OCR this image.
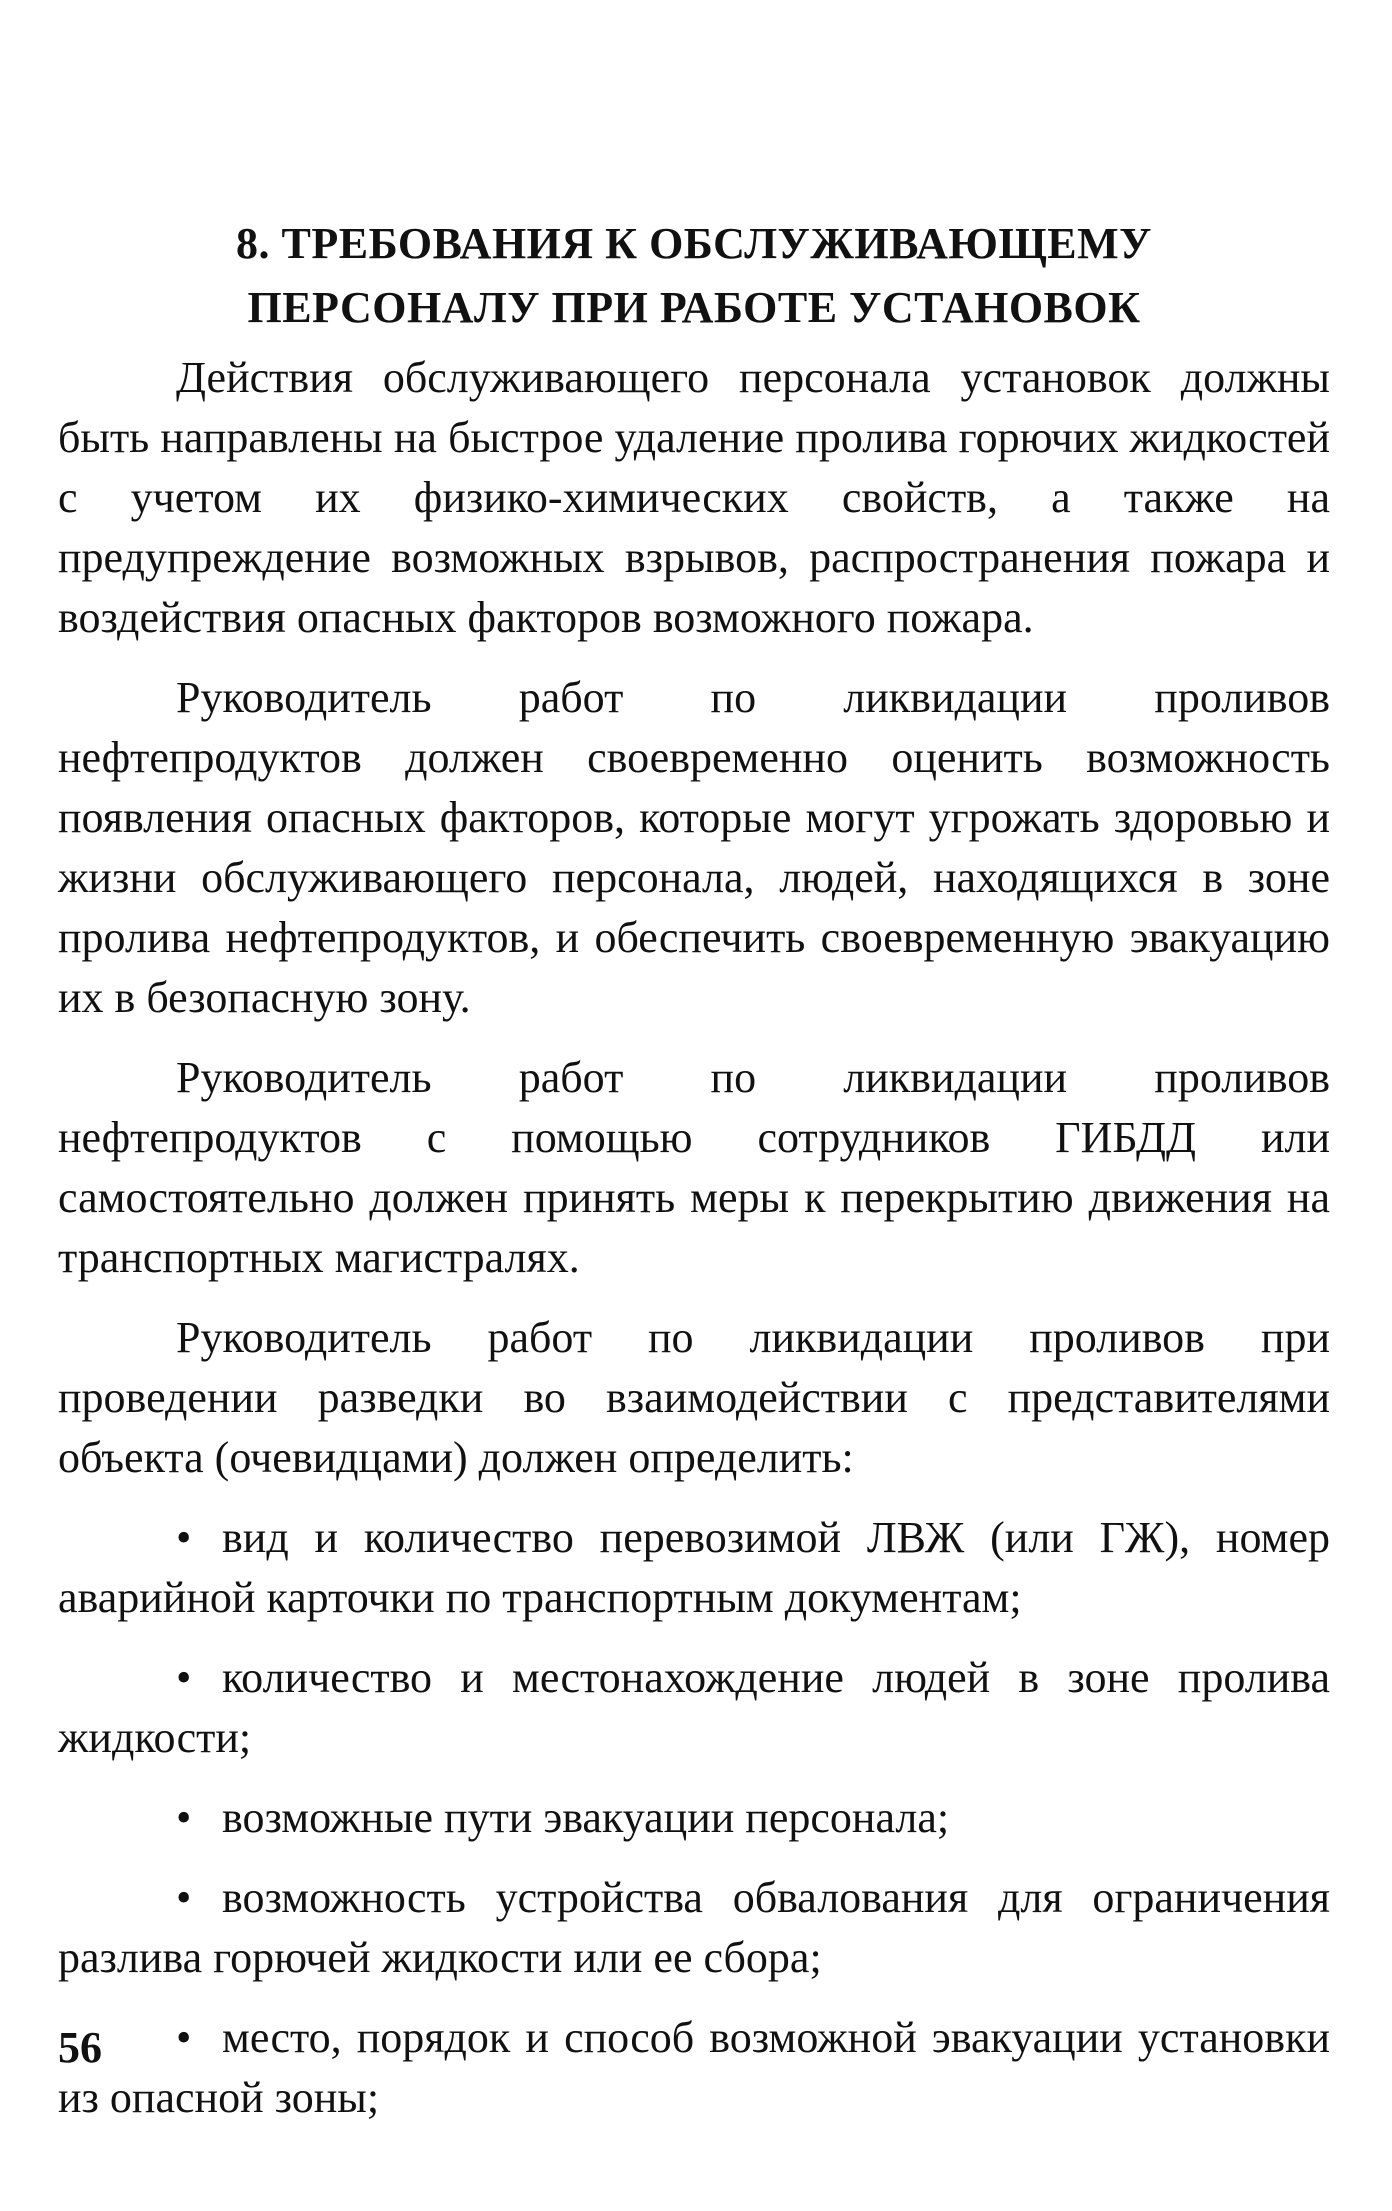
8. ТРЕБОВАНИЯ К ОБСЛУЖИВАЮЩЕМУ
ПЕРСОНАЛУ ПРИ РАБОТЕ УСТАНОВОК

Действия обслуживающего персонала установок должны быть направлены на быстрое удаление пролива горючих жидкостей с учетом их физико-химических свойств, а также на предупреждение возможных взрывов, распространения пожара и воздействия опасных факторов возможного пожара.

Руководитель работ по ликвидации проливов нефтепродуктов должен своевременно оценить возможность появления опасных факторов, которые могут угрожать здоровью и жизни обслуживающего персонала, людей, находящихся в зоне пролива нефтепродуктов, и обеспечить своевременную эвакуацию их в безопасную зону.

Руководитель работ по ликвидации проливов нефтепродуктов с помощью сотрудников ГИБДД или самостоятельно должен принять меры к перекрытию движения на транспортных магистралях.

Руководитель работ по ликвидации проливов при проведении разведки во взаимодействии с представителями объекта (очевидцами) должен определить:

• вид и количество перевозимой ЛВЖ (или ГЖ), номер аварийной карточки по транспортным документам;
• количество и местонахождение людей в зоне пролива жидкости;
• возможные пути эвакуации персонала;
• возможность устройства обвалования для ограничения разлива горючей жидкости или ее сбора;
• место, порядок и способ возможной эвакуации установки из опасной зоны;
56
